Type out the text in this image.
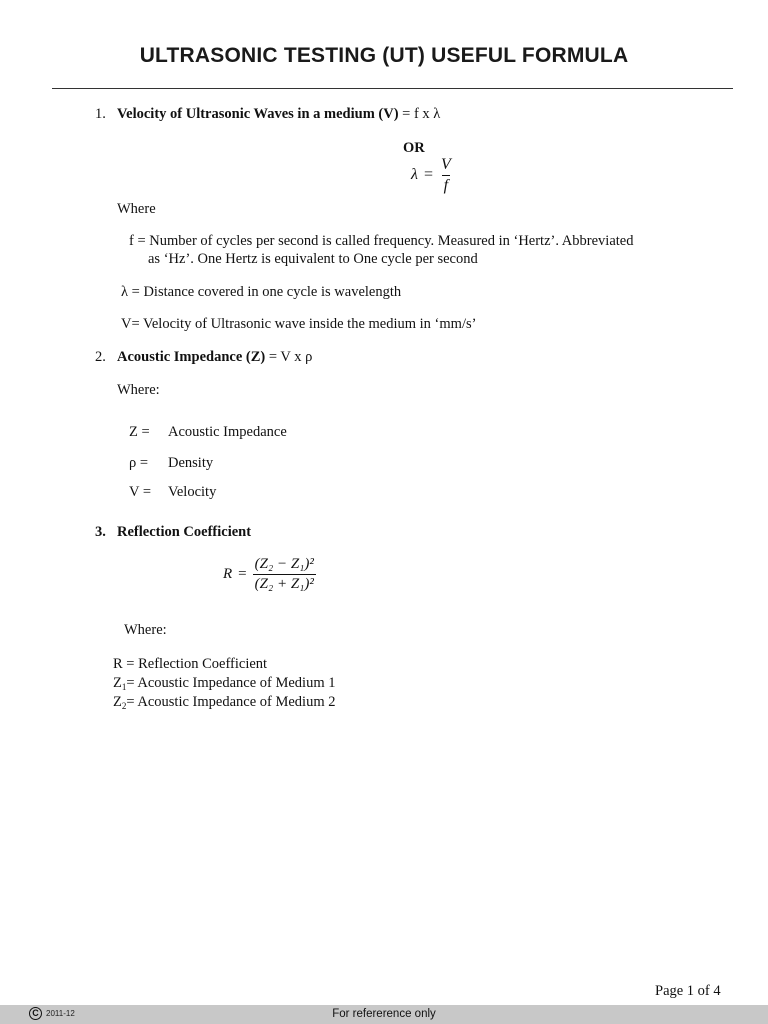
ULTRASONIC TESTING (UT) USEFUL FORMULA
1. Velocity of Ultrasonic Waves in a medium (V) = f x λ
OR
$\lambda = \frac{V}{f}$
Where
f = Number of cycles per second is called frequency. Measured in ‘Hertz’. Abbreviated
as ‘Hz’. One Hertz is equivalent to One cycle per second
λ = Distance covered in one cycle is wavelength
V= Velocity of Ultrasonic wave inside the medium in ‘mm/s’
2. Acoustic Impedance (Z) = V x ρ
Where:
Z = Acoustic Impedance
ρ = Density
V = Velocity
3. Reflection Coefficient
$R = \frac{\text{(Z₂ − Z₁)²}}{\text{(Z₂ + Z₁)²}}$
Where:
R = Reflection Coefficient
$Z_1=$ Acoustic Impedance of Medium 1
$Z_2=$ Acoustic Impedance of Medium 2
Page 1 of 4
C 2011-12	For refererence only
